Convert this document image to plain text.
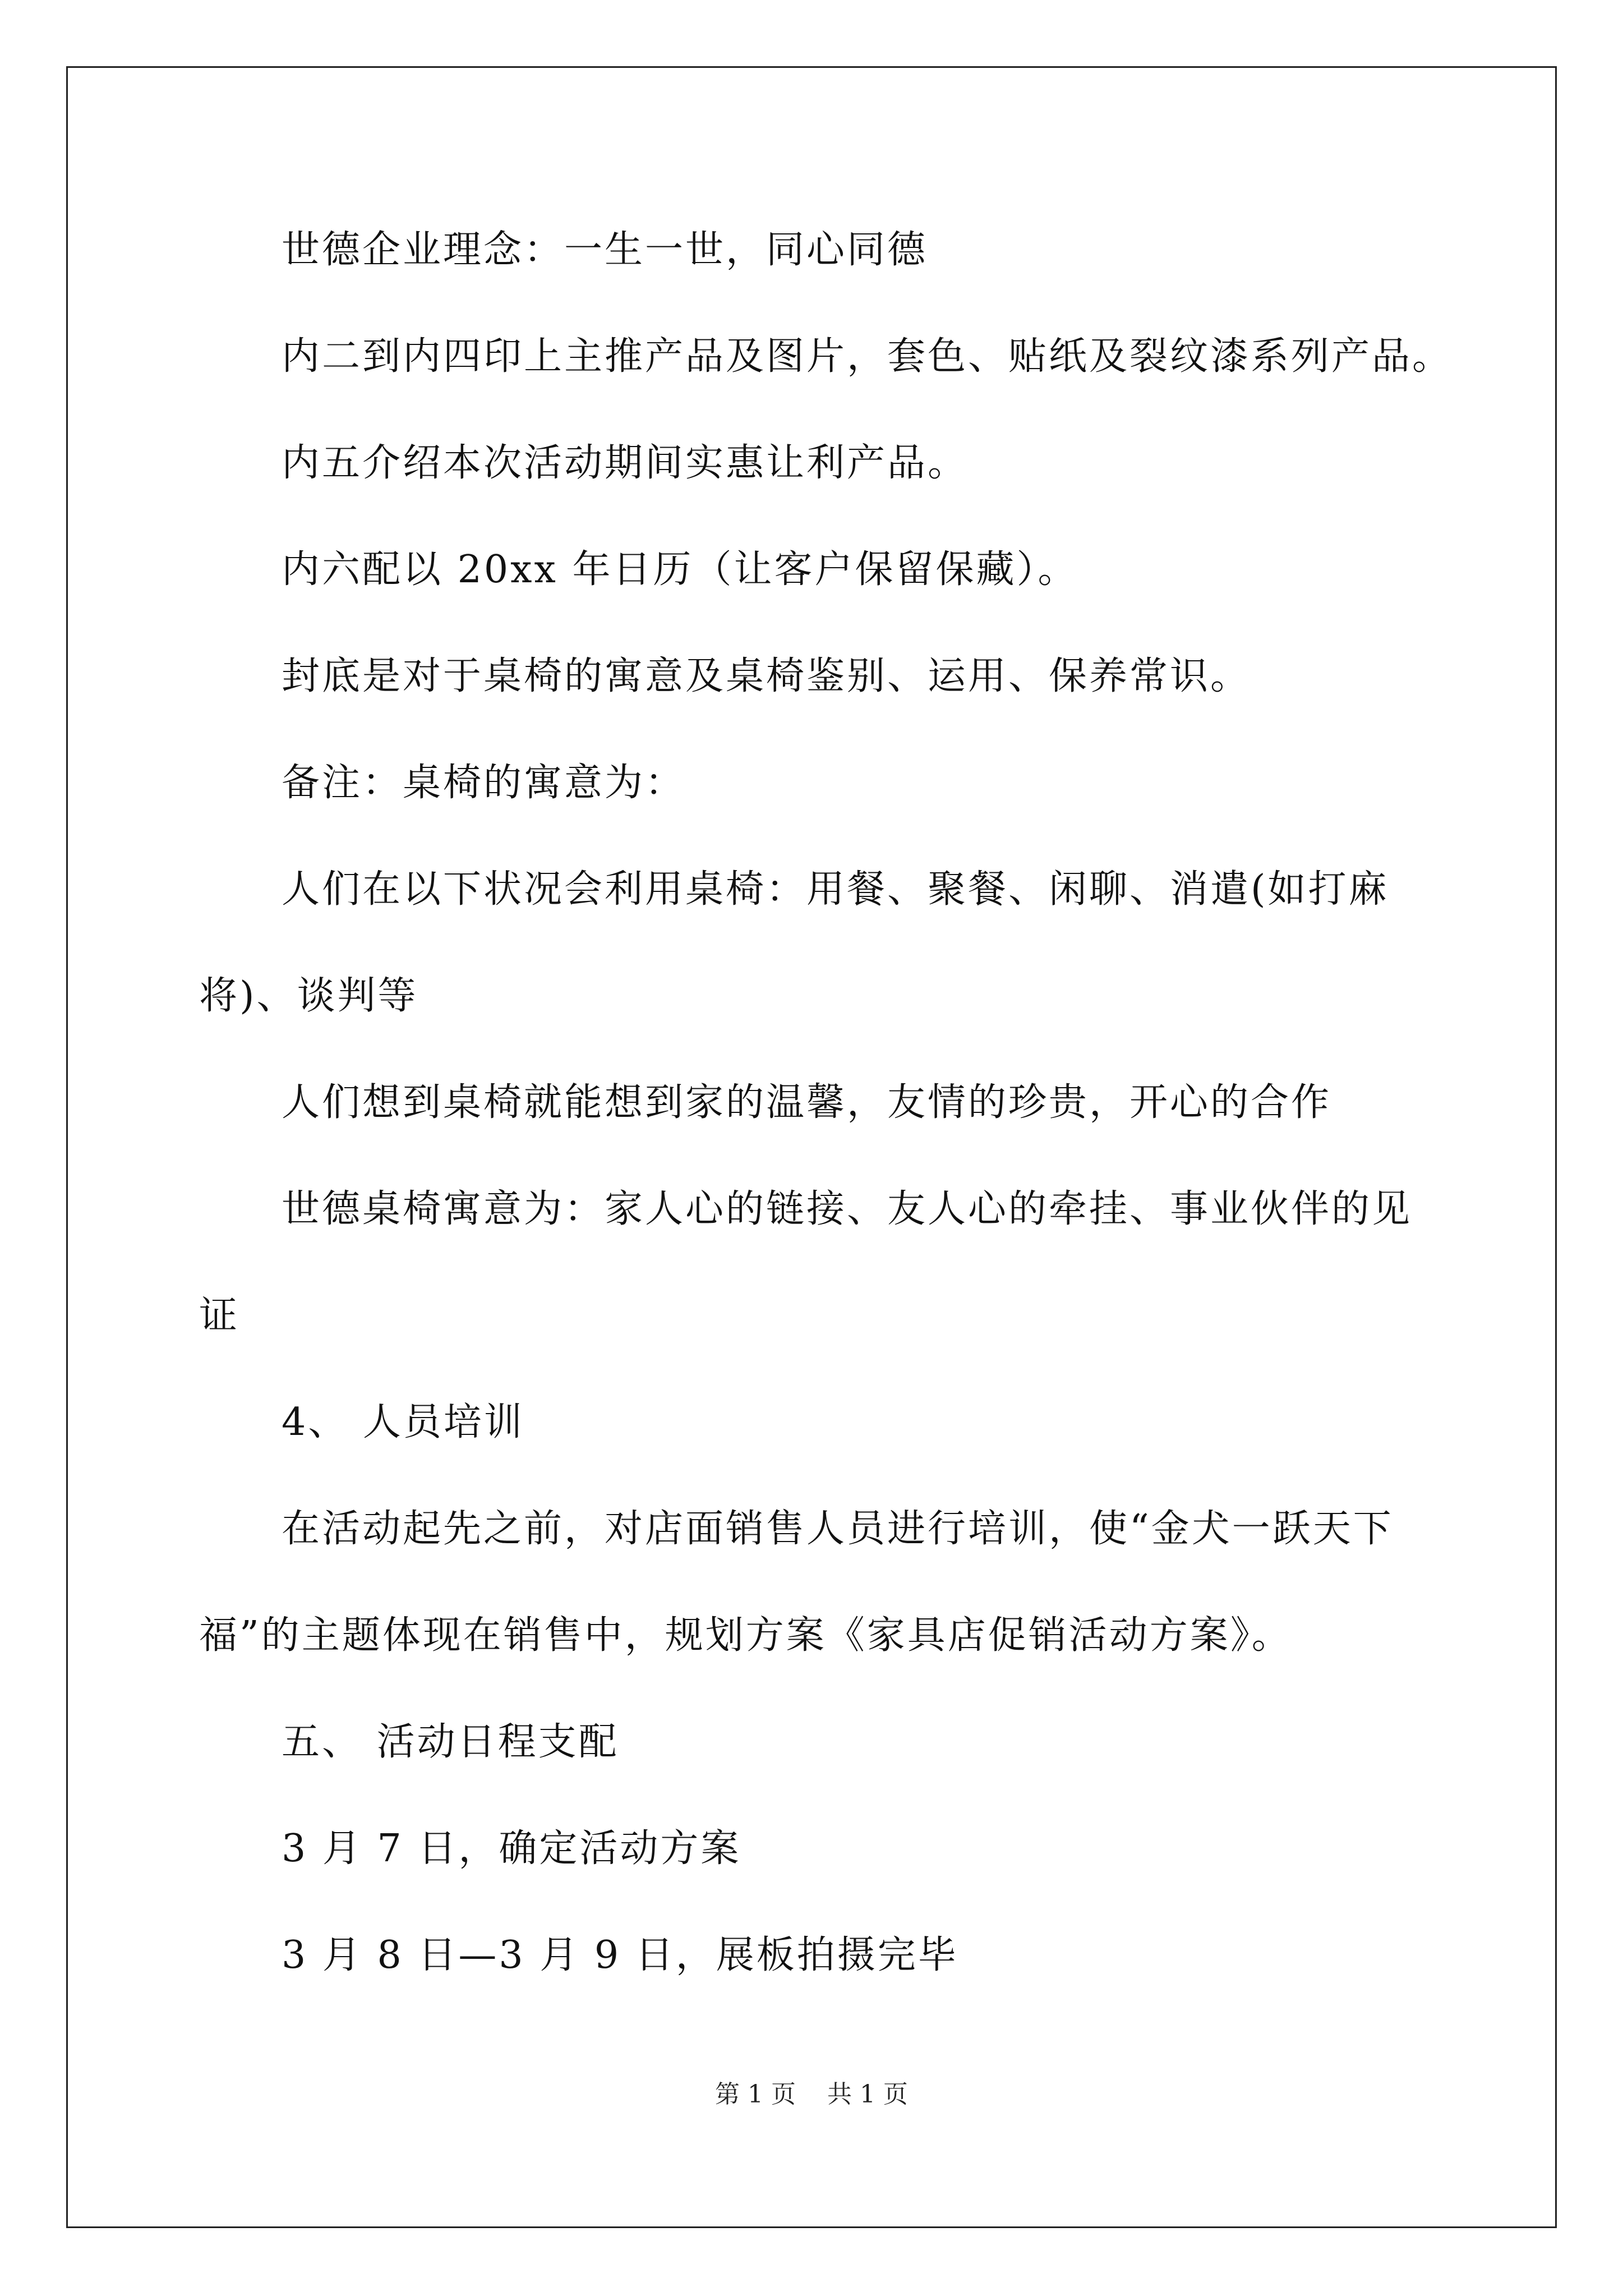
世德企业理念：一生一世，同心同德
内二到内四印上主推产品及图片，套色、贴纸及裂纹漆系列产品。
内五介绍本次活动期间实惠让利产品。
内六配以 20xx 年日历（让客户保留保藏）。
封底是对于桌椅的寓意及桌椅鉴别、运用、保养常识。
备注：桌椅的寓意为：
人们在以下状况会利用桌椅：用餐、聚餐、闲聊、消遣(如打麻
将)、谈判等
人们想到桌椅就能想到家的温馨，友情的珍贵，开心的合作
世德桌椅寓意为：家人心的链接、友人心的牵挂、事业伙伴的见
证
4、 人员培训
在活动起先之前，对店面销售人员进行培训，使“金犬一跃天下
福”的主题体现在销售中，规划方案《家具店促销活动方案》。
五、 活动日程支配
3 月 7 日，确定活动方案
3 月 8 日—3 月 9 日，展板拍摄完毕
第 1 页    共 1 页
